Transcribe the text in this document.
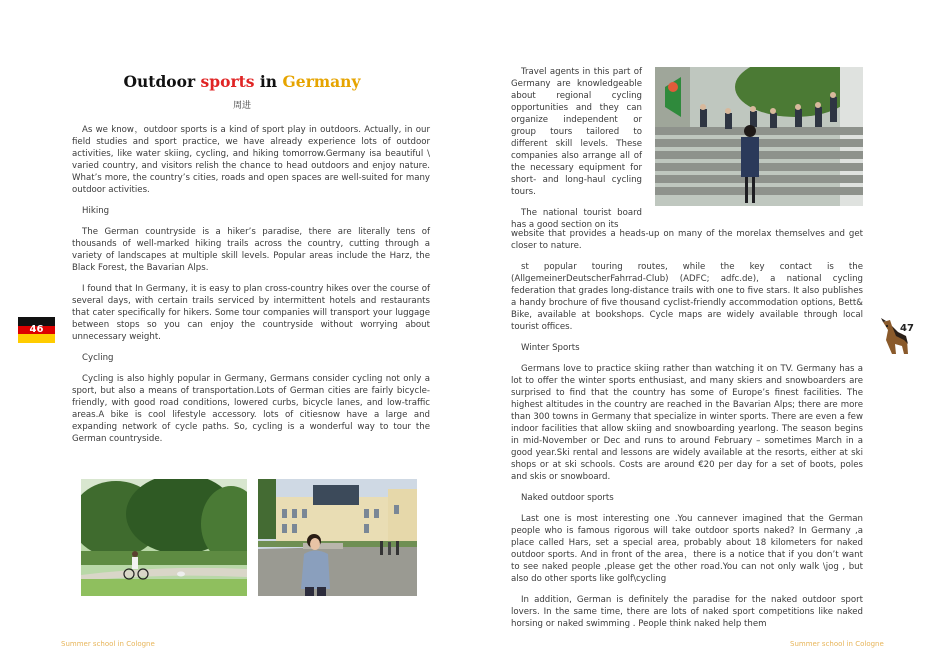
Outdoor sports in Germany
周进

As we know，outdoor sports is a kind of sport play in outdoors. Actually, in our field studies and sport practice, we have already experience lots of outdoor activities, like water skiing, cycling, and hiking tomorrow.Germany isa beautiful \ varied country, and visitors relish the chance to head outdoors and enjoy nature. What’s more, the country’s cities, roads and open spaces are well-suited for many outdoor activities.

Hiking

The German countryside is a hiker’s paradise, there are literally tens of thousands of well-marked hiking trails across the country, cutting through a variety of landscapes at multiple skill levels. Popular areas include the Harz, the Black Forest, the Bavarian Alps.

I found that In Germany, it is easy to plan cross-country hikes over the course of several days, with certain trails serviced by intermittent hotels and restaurants that cater specifically for hikers. Some tour companies will transport your luggage between stops so you can enjoy the countryside without worrying about unnecessary weight.

Cycling

Cycling is also highly popular in Germany, Germans consider cycling not only a sport, but also a means of transportation.Lots of German cities are fairly bicycle-friendly, with good road conditions, lowered curbs, bicycle lanes, and low-traffic areas.A bike is cool lifestyle accessory. lots of citiesnow have a large and expanding network of cycle paths. So, cycling is a wonderful way to tour the German countryside.

46
Summer school in Cologne

Travel agents in this part of Germany are knowledgeable about regional cycling opportunities and they can organize independent or group tours tailored to different skill levels. These companies also arrange all of the necessary equipment for short- and long-haul cycling tours.

The national tourist board has a good section on its

website that provides a heads-up on many of the morelax themselves and get closer to nature.

st popular touring routes, while the key contact is the (AllgemeinerDeutscherFahrrad-Club) (ADFC; adfc.de), a national cycling federation that grades long-distance trails with one to five stars. It also publishes a handy brochure of five thousand cyclist-friendly accommodation options, Bett& Bike, available at bookshops. Cycle maps are widely available through local tourist offices.

Winter Sports

Germans love to practice skiing rather than watching it on TV. Germany has a lot to offer the winter sports enthusiast, and many skiers and snowboarders are surprised to find that the country has some of Europe’s finest facilities. The highest altitudes in the country are reached in the Bavarian Alps; there are more than 300 towns in Germany that specialize in winter sports. There are even a few indoor facilities that allow skiing and snowboarding yearlong. The season begins in mid-November or Dec and runs to around February – sometimes March in a good year.Ski rental and lessons are widely available at the resorts, either at ski shops or at ski schools. Costs are around €20 per day for a set of boots, poles and skis or snowboard.

Naked outdoor sports

Last one is most interesting one .You cannever imagined that the German people who is famous rigorous will take outdoor sports naked? In Germany ,a place called Hars, set a special area, probably about 18 kilometers for naked outdoor sports. And in front of the area，there is a notice that if you don’t want to see naked people ,please get the other road.You can not only walk \jog , but also do other sports like golf\cycling

In addition, German is definitely the paradise for the naked outdoor sport lovers. In the same time, there are lots of naked sport competitions like naked horsing or naked swimming . People think naked help them

47
Summer school in Cologne
